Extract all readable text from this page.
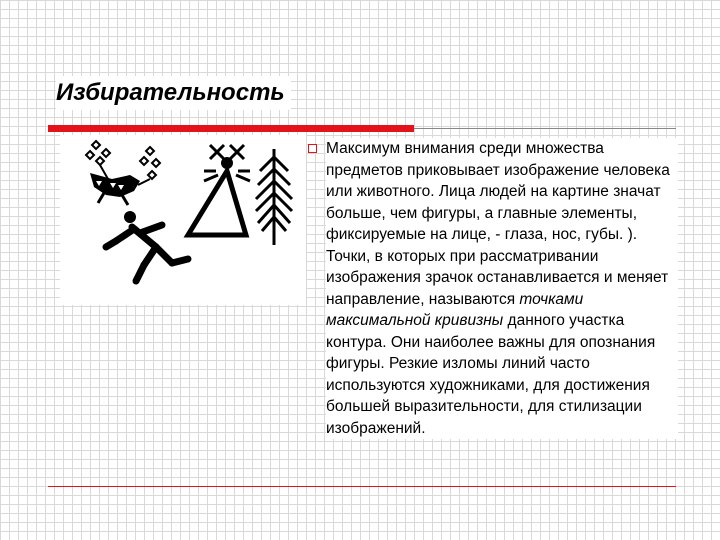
Избирательность

Максимум внимания среди множества предметов приковывает изображение человека или животного. Лица людей на картине значат больше, чем фигуры, а главные элементы, фиксируемые на лице, - глаза, нос, губы. ). Точки, в которых при рассматривании изображения зрачок останавливается и меняет направление, называются точками максимальной кривизны данного участка контура. Они наиболее важны для опознания фигуры. Резкие изломы линий часто используются художниками, для достижения большей выразительности, для стилизации изображений.
